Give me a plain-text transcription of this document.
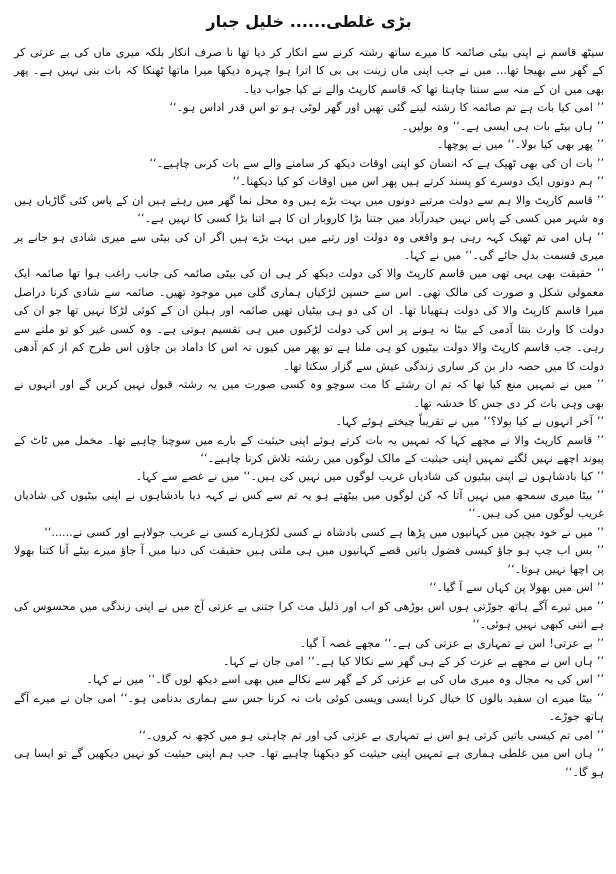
بڑی غلطی...... خلیل جبار

سیٹھ قاسم نے اپنی بیٹی صائمہ کا میرے ساتھ رشتہ کرنے سے انکار کر دیا تھا نا صرف انکار بلکہ میری ماں کی بے عزتی کر کے گھر سے بھیجا تھا... میں نے جب اپنی ماں زینت بی بی کا اترا ہوا چہرہ دیکھا میرا ماتھا ٹھنکا کہ بات بنی نہیں ہے۔ پھر بھی میں ان کے منہ سے سننا چاہتا تھا کہ قاسم کارپٹ والے نے کیا جواب دیا۔

’’ امی کیا بات ہے تم صائمہ کا رشتہ لینے گئی تھیں اور گھر لوٹی ہو تو اس قدر اداس ہو۔‘‘

’’ ہاں بیٹے بات ہی ایسی ہے۔‘‘ وہ بولیں۔

’’ پھر بھی کیا بولا۔‘‘ میں نے پوچھا۔

’’ بات ان کی بھی ٹھیک ہے کہ انسان کو اپنی اوقات دیکھ کر سامنے والے سے بات کرنی چاہیے۔‘‘

’’ ہم دونوں ایک دوسرے کو پسند کرتے ہیں پھر اس میں اوقات کو کیا دیکھنا۔‘‘

’’ قاسم کارپٹ والا ہم سے دولت مرتبے دونوں میں بہت بڑے ہیں وہ محل نما گھر میں رہتے ہیں ان کے پاس کئی گاڑیاں ہیں وہ شہر میں کسی کے پاس نہیں حیدرآباد میں جتنا بڑا کاروبار ان کا ہے اتنا بڑا کسی کا نہیں ہے۔‘‘

’’ ہاں امی تم ٹھیک کہہ رہی ہو واقعی وہ دولت اور رتبے میں بہت بڑے ہیں اگر ان کی بیٹی سے میری شادی ہو جانے پر میری قسمت بدل جائے گی۔‘‘ میں نے کہا۔

’’ حقیقت بھی یہی تھی میں قاسم کارپٹ والا کی دولت دیکھ کر ہی ان کی بیٹی صائمہ کی جانب راغب ہوا تھا صائمہ ایک معمولی شکل و صورت کی مالک تھی۔ اس سے حسین لڑکیاں ہماری گلی میں موجود تھیں۔ صائمہ سے شادی کرنا دراصل میرا قاسم کارپٹ والا کی دولت ہتھیانا تھا۔ ان کی دو ہی بیٹیاں تھیں صائمہ اور ہیلن ان کے کوئی لڑکا نہیں تھا جو ان کی دولت کا وارث بنتا آدمی کے بیٹا نہ ہونے پر اس کی دولت لڑکیوں میں ہی تقسیم ہوتی ہے۔ وہ کسی غیر کو تو ملنے سے رہی۔ جب قاسم کارپٹ والا دولت بیٹیوں کو ہی ملنا ہے تو پھر میں کیوں نہ اس کا داماد بن جاؤں اس طرح کم از کم آدھی دولت کا میں حصہ دار بن کر ساری زندگی عیش سے گزار سکتا تھا۔

’’ میں نے تمہیں منع کیا تھا کہ تم ان رشتے کا مت سوچو وہ کسی صورت میں یہ رشتہ قبول نہیں کریں گے اور انہوں نے بھی وہی بات کر دی جس کا خدشہ تھا۔

’’ آخر انہوں نے کیا بولا؟‘‘ میں نے تقریباً چیختے ہوئے کہا۔

’’ قاسم کارپٹ والا نے مجھے کہا کہ تمہیں یہ بات کرتے ہوئے اپنی حیثیت کے بارے میں سوچنا چاہیے تھا۔ مخمل میں ٹاٹ کے پیوند اچھے نہیں لگتے تمہیں اپنی حیثیت کے مالک لوگوں میں رشتہ تلاش کرنا چاہیے۔‘‘

’’ کیا بادشاہوں نے اپنی بیٹیوں کی شادیاں غریب لوگوں میں نہیں کی ہیں۔‘‘ میں نے غصے سے کہا۔

’’ بیٹا میری سمجھ میں نہیں آتا کہ کن لوگوں میں بیٹھتے ہو یہ تم سے کس نے کہہ دیا بادشاہوں نے اپنی بیٹیوں کی شادیاں غریب لوگوں میں کی ہیں۔‘‘

’’ میں نے خود بچپن میں کہانیوں میں پڑھا ہے کسی بادشاہ نے کسی لکڑہارے کسی نے غریب جولاہے اور کسی نے......‘‘

’’ بس اب چپ ہو جاؤ کیسی فضول باتیں قصے کہانیوں میں ہی ملتی ہیں حقیقت کی دنیا میں آ جاؤ میرے بیٹے آنا کتنا بھولا پن اچھا نہیں ہوتا۔‘‘

’’ اس میں بھولا پن کہاں سے آ گیا۔‘‘

’’ میں تیرے آگے ہاتھ جوڑتی ہوں اس بوڑھی کو اب اور ذلیل مت کرا جتنی بے عزتی آج میں نے اپنی زندگی میں محسوس کی ہے اتنی کبھی نہیں ہوئی۔‘‘

’’ بے عزتی! اس نے تمہاری بے عزتی کی ہے۔‘‘ مجھے غصہ آ گیا۔

’’ ہاں اس نے مجھے بے عزت کر کے ہی گھر سے نکالا کیا ہے۔‘‘ امی جان نے کہا۔

’’ اس کی یہ مجال وہ میری ماں کی بے عزتی کر کے گھر سے نکالے میں بھی اسے دیکھ لوں گا۔‘‘ میں نے کہا۔

’’ بیٹا میرے ان سفید بالوں کا خیال کرنا ایسی ویسی کوئی بات نہ کرنا جس سے ہماری بدنامی ہو۔‘‘ امی جان نے میرے آگے ہاتھ جوڑے۔

’’ امی تم کیسی باتیں کرتی ہو اس نے تمہاری بے عزتی کی اور تم چاہتی ہو میں کچھ نہ کروں۔‘‘

’’ ہاں اس میں غلطی ہماری ہے تمہیں اپنی حیثیت کو دیکھنا چاہیے تھا۔ جب ہم اپنی حیثیت کو نہیں دیکھیں گے تو ایسا ہی ہو گا۔‘‘
